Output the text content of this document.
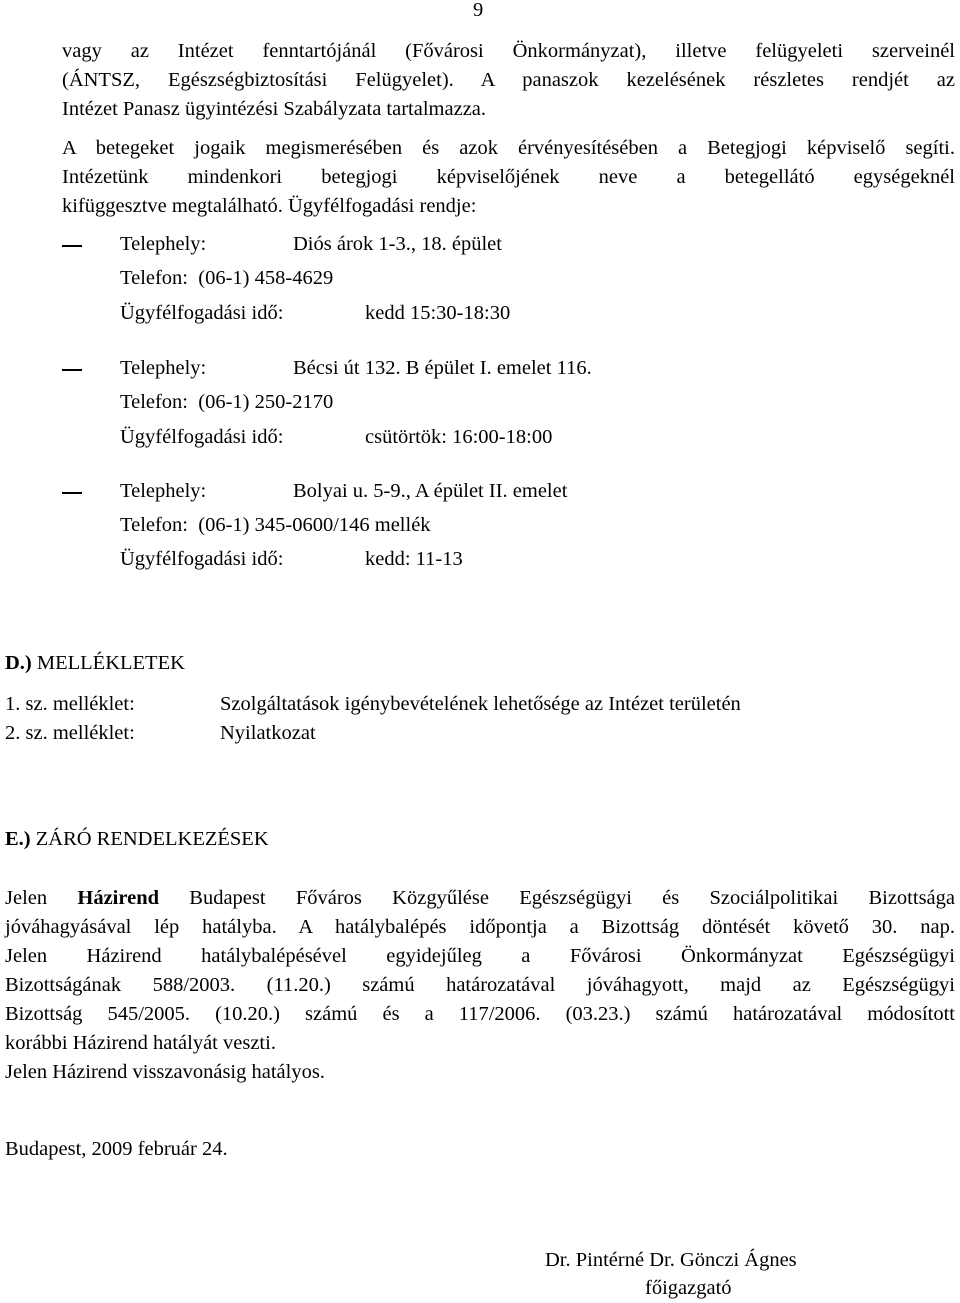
9
vagy az Intézet fenntartójánál (Fővárosi Önkormányzat), illetve felügyeleti szerveinél
(ÁNTSZ, Egészségbiztosítási Felügyelet). A panaszok kezelésének részletes rendjét az
Intézet Panasz ügyintézési Szabályzata tartalmazza.
A betegeket jogaik megismerésében és azok érvényesítésében a Betegjogi képviselő segíti.
Intézetünk mindenkori betegjogi képviselőjének neve a betegellátó egységeknél
kifüggesztve megtalálható. Ügyfélfogadási rendje:
Telephely:	Diós árok 1-3., 18. épület
Telefon:  (06-1) 458-4629
Ügyfélfogadási idő:	kedd 15:30-18:30
Telephely:	Bécsi út 132. B épület I. emelet 116.
Telefon:  (06-1) 250-2170
Ügyfélfogadási idő:	csütörtök: 16:00-18:00
Telephely:	Bolyai u. 5-9., A épület II. emelet
Telefon:  (06-1) 345-0600/146 mellék
Ügyfélfogadási idő:	kedd: 11-13
D.) MELLÉKLETEK
1. sz. melléklet:	Szolgáltatások igénybevételének lehetősége az Intézet területén
2. sz. melléklet:	Nyilatkozat
E.) ZÁRÓ RENDELKEZÉSEK
Jelen Házirend Budapest Főváros Közgyűlése Egészségügyi és Szociálpolitikai Bizottsága
jóváhagyásával lép hatályba. A hatálybalépés időpontja a Bizottság döntését követő 30. nap.
Jelen Házirend hatálybalépésével egyidejűleg a Fővárosi Önkormányzat Egészségügyi
Bizottságának 588/2003. (11.20.) számú határozatával jóváhagyott, majd az Egészségügyi
Bizottság 545/2005. (10.20.) számú és a 117/2006. (03.23.) számú határozatával módosított
korábbi Házirend hatályát veszti.
Jelen Házirend visszavonásig hatályos.
Budapest, 2009 február 24.
Dr. Pintérné Dr. Gönczi Ágnes
főigazgató
